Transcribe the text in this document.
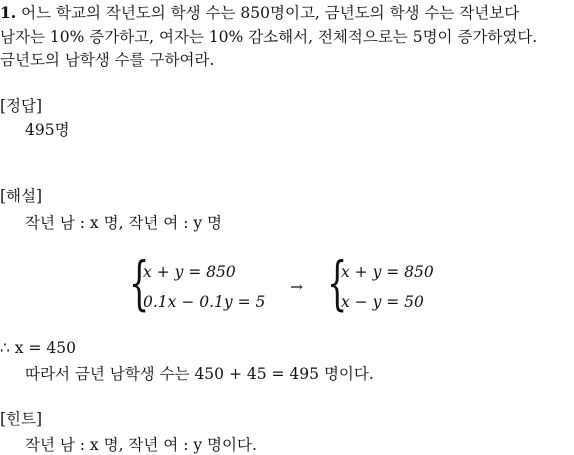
1. 어느 학교의 작년도의 학생 수는 850명이고, 금년도의 학생 수는 작년보다
남자는 10% 증가하고, 여자는 10% 감소해서, 전체적으로는 5명이 증가하였다.
금년도의 남학생 수를 구하여라.
[정답]
495명
[해설]
작년 남 : x 명, 작년 여 : y 명
{
x + y = 850
0.1x − 0.1y = 5
→ {
x + y = 850
x − y = 50
∴ x = 450
따라서 금년 남학생 수는 450 + 45 = 495 명이다.
[힌트]
작년 남 : x 명, 작년 여 : y 명이다.
